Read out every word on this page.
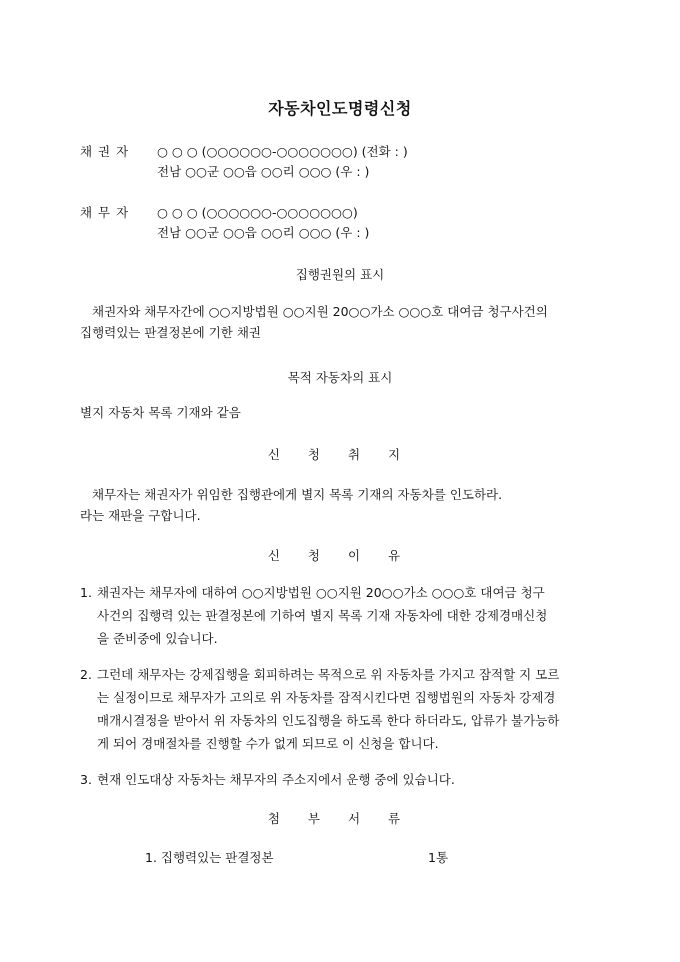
자동차인도명령신청
채 권 자 ○ ○ ○ (○○○○○○-○○○○○○○) (전화 : )
전남 ○○군 ○○읍 ○○리 ○○○ (우 : )
채 무 자 ○ ○ ○ (○○○○○○-○○○○○○○)
전남 ○○군 ○○읍 ○○리 ○○○ (우 : )
집행권원의 표시
채권자와 채무자간에 ○○지방법원 ○○지원 20○○가소 ○○○호 대여금 청구사건의
집행력있는 판결정본에 기한 채권
목적 자동차의 표시
별지 자동차 목록 기재와 같음
신 청 취 지
채무자는 채권자가 위임한 집행관에게 별지 목록 기재의 자동차를 인도하라.
라는 재판을 구합니다.
신 청 이 유
1. 채권자는 채무자에 대하여 ○○지방법원 ○○지원 20○○가소 ○○○호 대여금 청구
사건의 집행력 있는 판결정본에 기하여 별지 목록 기재 자동차에 대한 강제경매신청
을 준비중에 있습니다.
2. 그런데 채무자는 강제집행을 회피하려는 목적으로 위 자동차를 가지고 잠적할 지 모르
는 실정이므로 채무자가 고의로 위 자동차를 잠적시킨다면 집행법원의 자동차 강제경
매개시결정을 받아서 위 자동차의 인도집행을 하도록 한다 하더라도, 압류가 불가능하
게 되어 경매절차를 진행할 수가 없게 되므로 이 신청을 합니다.
3. 현재 인도대상 자동차는 채무자의 주소지에서 운행 중에 있습니다.
첨 부 서 류
1. 집행력있는 판결정본	1통
